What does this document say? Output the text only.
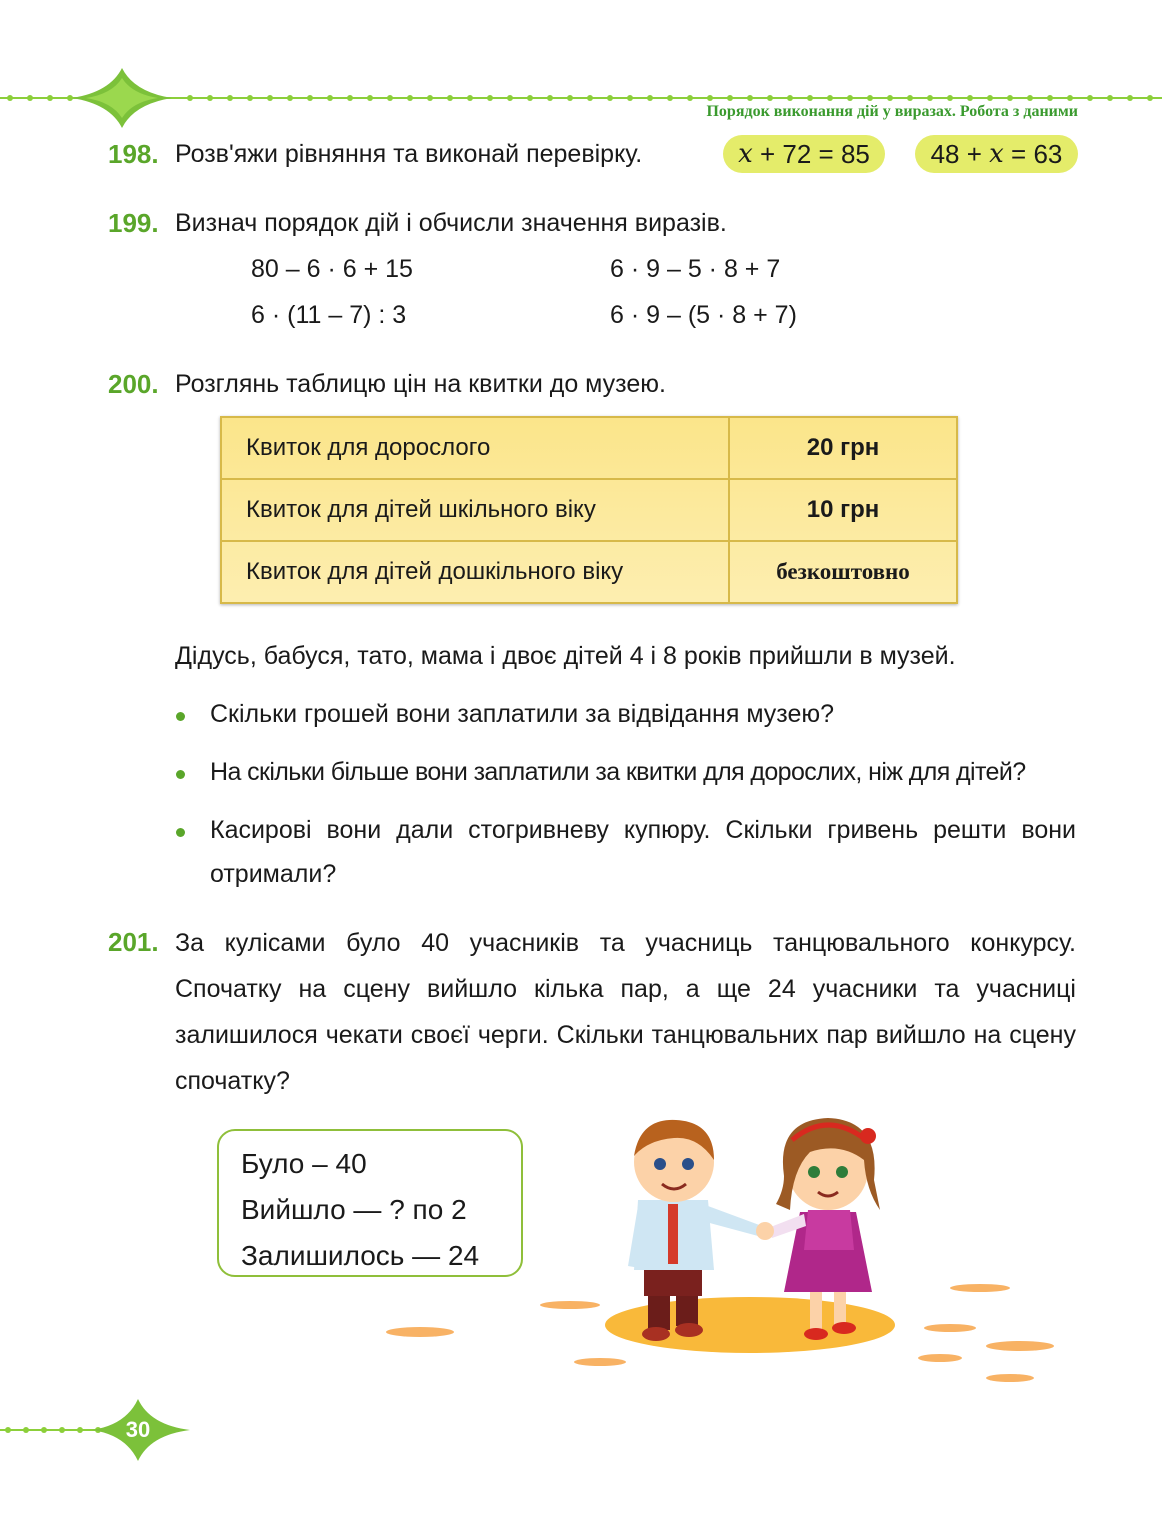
Порядок виконання дій у виразах. Робота з даними
198. Розв'яжи рівняння та виконай перевірку.	x + 72 = 85 48 + x = 63
199. Визнач порядок дій і обчисли значення виразів.
80 – 6 · 6 + 15	6 · 9 – 5 · 8 + 7
6 · (11 – 7) : 3	6 · 9 – (5 · 8 + 7)
200. Розглянь таблицю цін на квитки до музею.
Квиток для дорослого	20 грн
Квиток для дітей шкільного віку	10 грн
Квиток для дітей дошкільного віку	безкоштовно
Дідусь, бабуся, тато, мама і двоє дітей 4 і 8 років прийшли в музей.
Скільки грошей вони заплатили за відвідання музею?
На скільки більше вони заплатили за квитки для дорослих, ніж для дітей?
Касирові вони дали стогривневу купюру. Скільки гривень решти вони отримали?
201. За кулісами було 40 учасників та учасниць танцювального конкурсу. Спочатку на сцену вийшло кілька пар, а ще 24 учасники та учасниці залишилося чекати своєї черги. Скільки танцювальних пар вийшло на сцену спочатку?
Було – 40
Вийшло — ? по 2
Залишилось — 24
30
